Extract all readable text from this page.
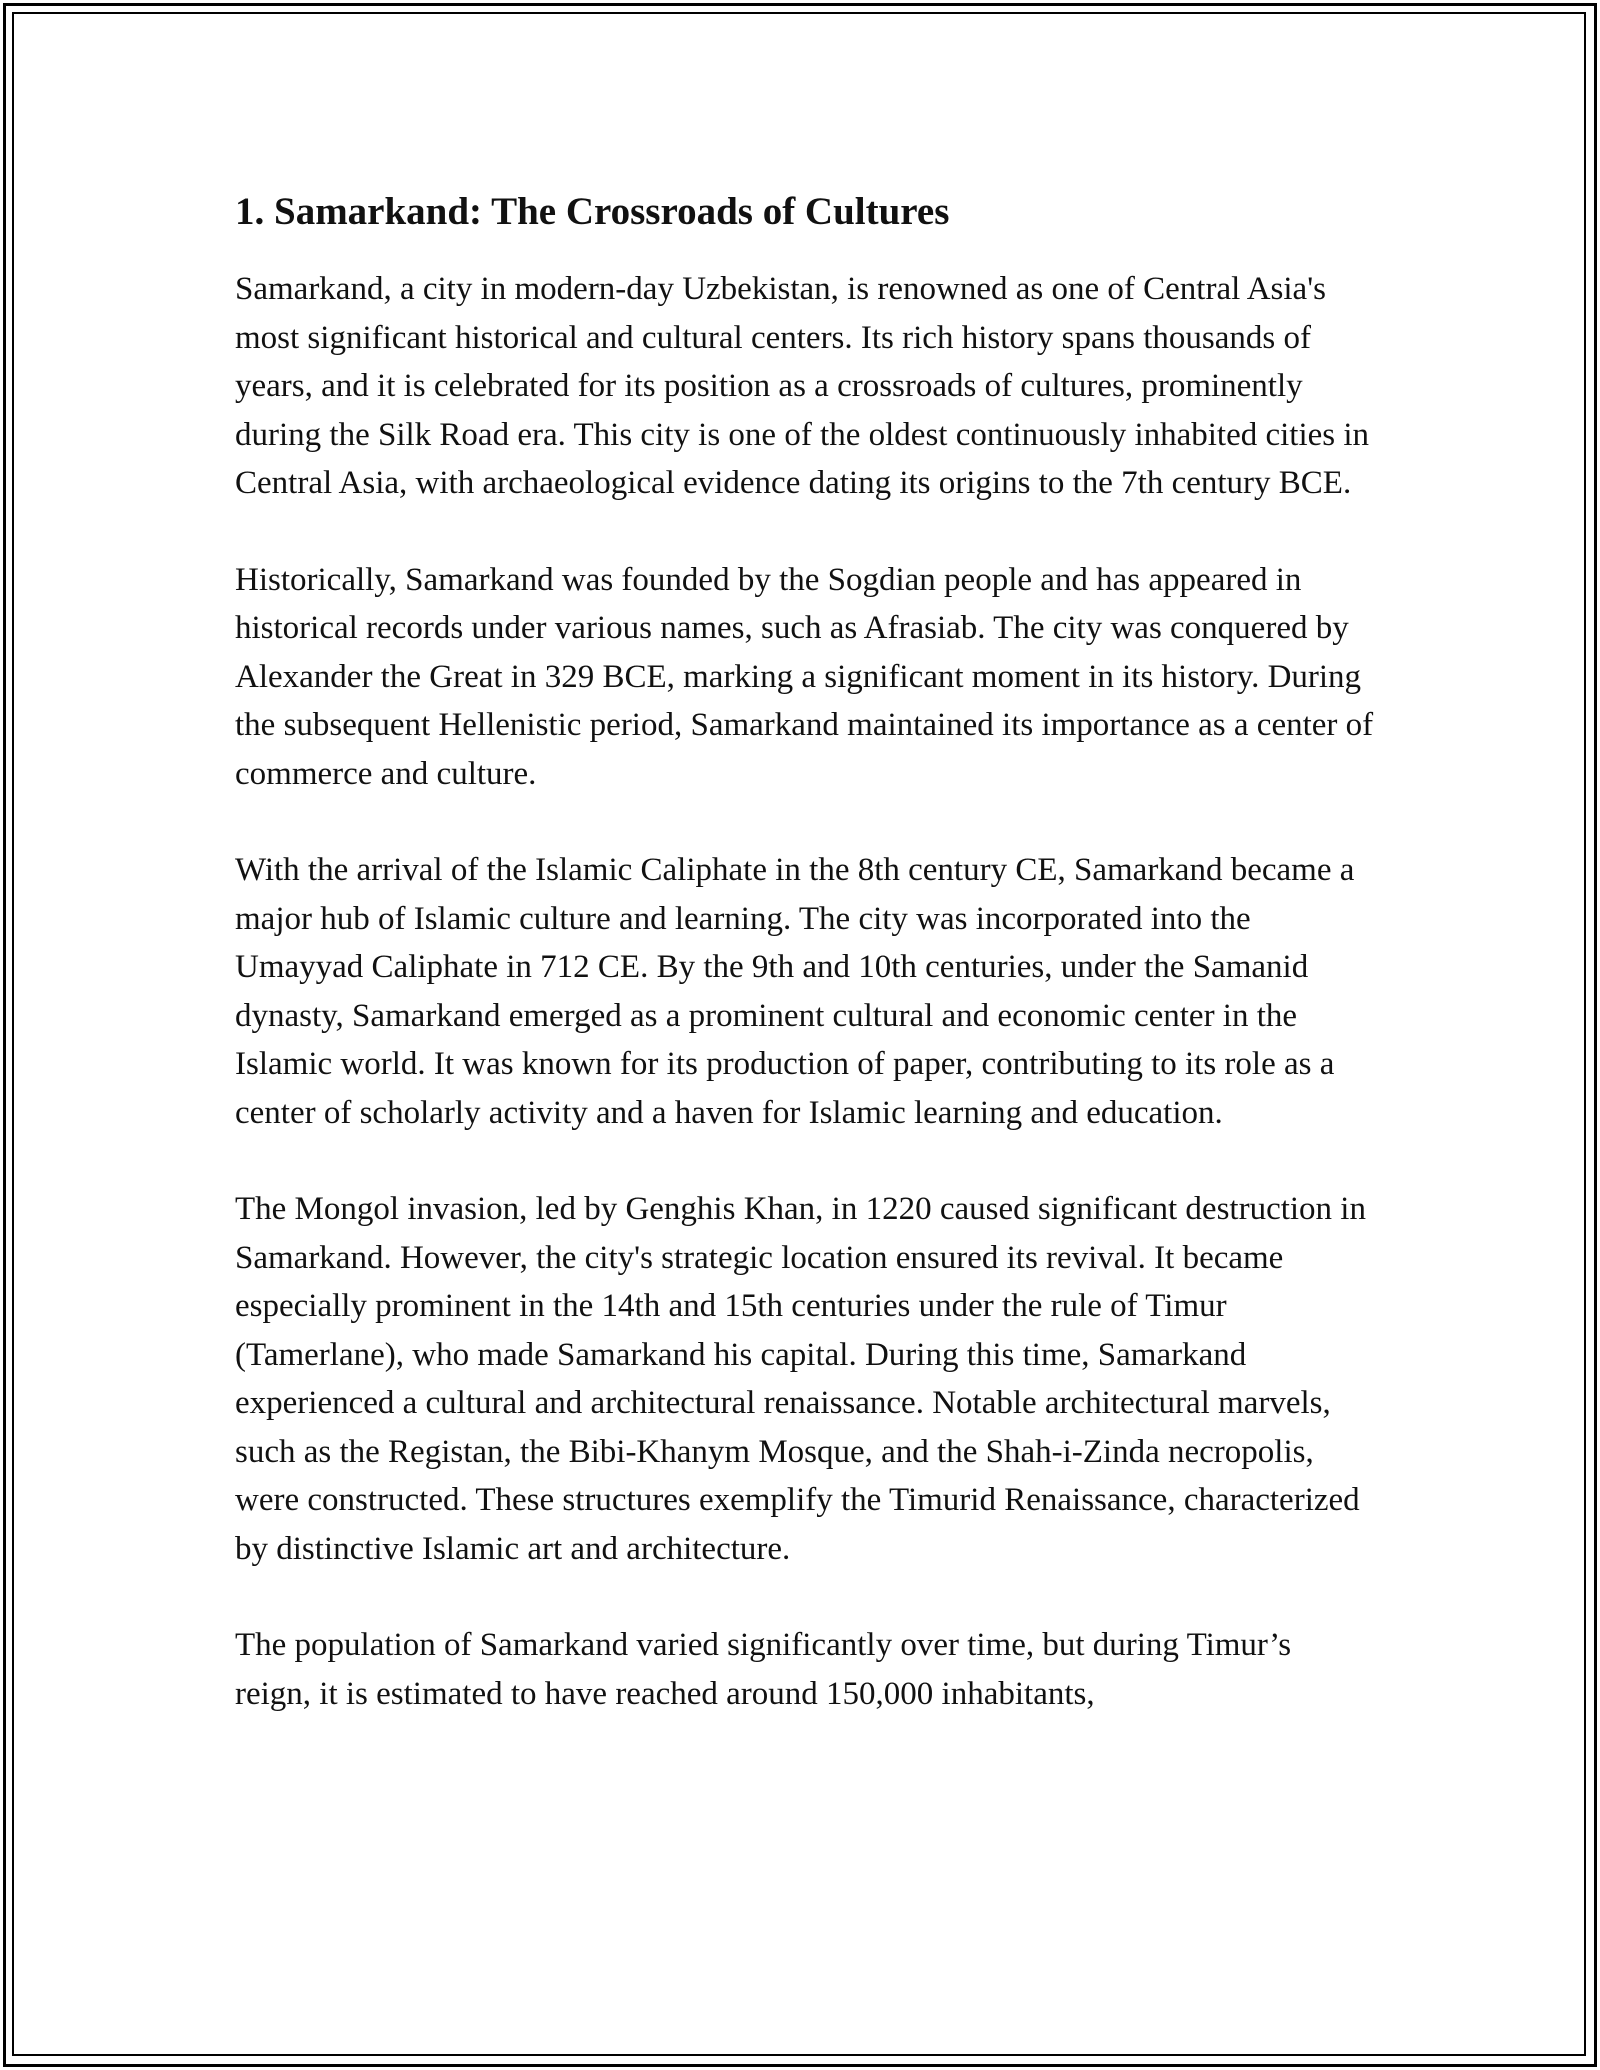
1. Samarkand: The Crossroads of Cultures

Samarkand, a city in modern-day Uzbekistan, is renowned as one of Central Asia's most significant historical and cultural centers. Its rich history spans thousands of years, and it is celebrated for its position as a crossroads of cultures, prominently during the Silk Road era. This city is one of the oldest continuously inhabited cities in Central Asia, with archaeological evidence dating its origins to the 7th century BCE.

Historically, Samarkand was founded by the Sogdian people and has appeared in historical records under various names, such as Afrasiab. The city was conquered by Alexander the Great in 329 BCE, marking a significant moment in its history. During the subsequent Hellenistic period, Samarkand maintained its importance as a center of commerce and culture.

With the arrival of the Islamic Caliphate in the 8th century CE, Samarkand became a major hub of Islamic culture and learning. The city was incorporated into the Umayyad Caliphate in 712 CE. By the 9th and 10th centuries, under the Samanid dynasty, Samarkand emerged as a prominent cultural and economic center in the Islamic world. It was known for its production of paper, contributing to its role as a center of scholarly activity and a haven for Islamic learning and education.

The Mongol invasion, led by Genghis Khan, in 1220 caused significant destruction in Samarkand. However, the city's strategic location ensured its revival. It became especially prominent in the 14th and 15th centuries under the rule of Timur (Tamerlane), who made Samarkand his capital. During this time, Samarkand experienced a cultural and architectural renaissance. Notable architectural marvels, such as the Registan, the Bibi-Khanym Mosque, and the Shah-i-Zinda necropolis, were constructed. These structures exemplify the Timurid Renaissance, characterized by distinctive Islamic art and architecture.

The population of Samarkand varied significantly over time, but during Timur’s reign, it is estimated to have reached around 150,000 inhabitants,
